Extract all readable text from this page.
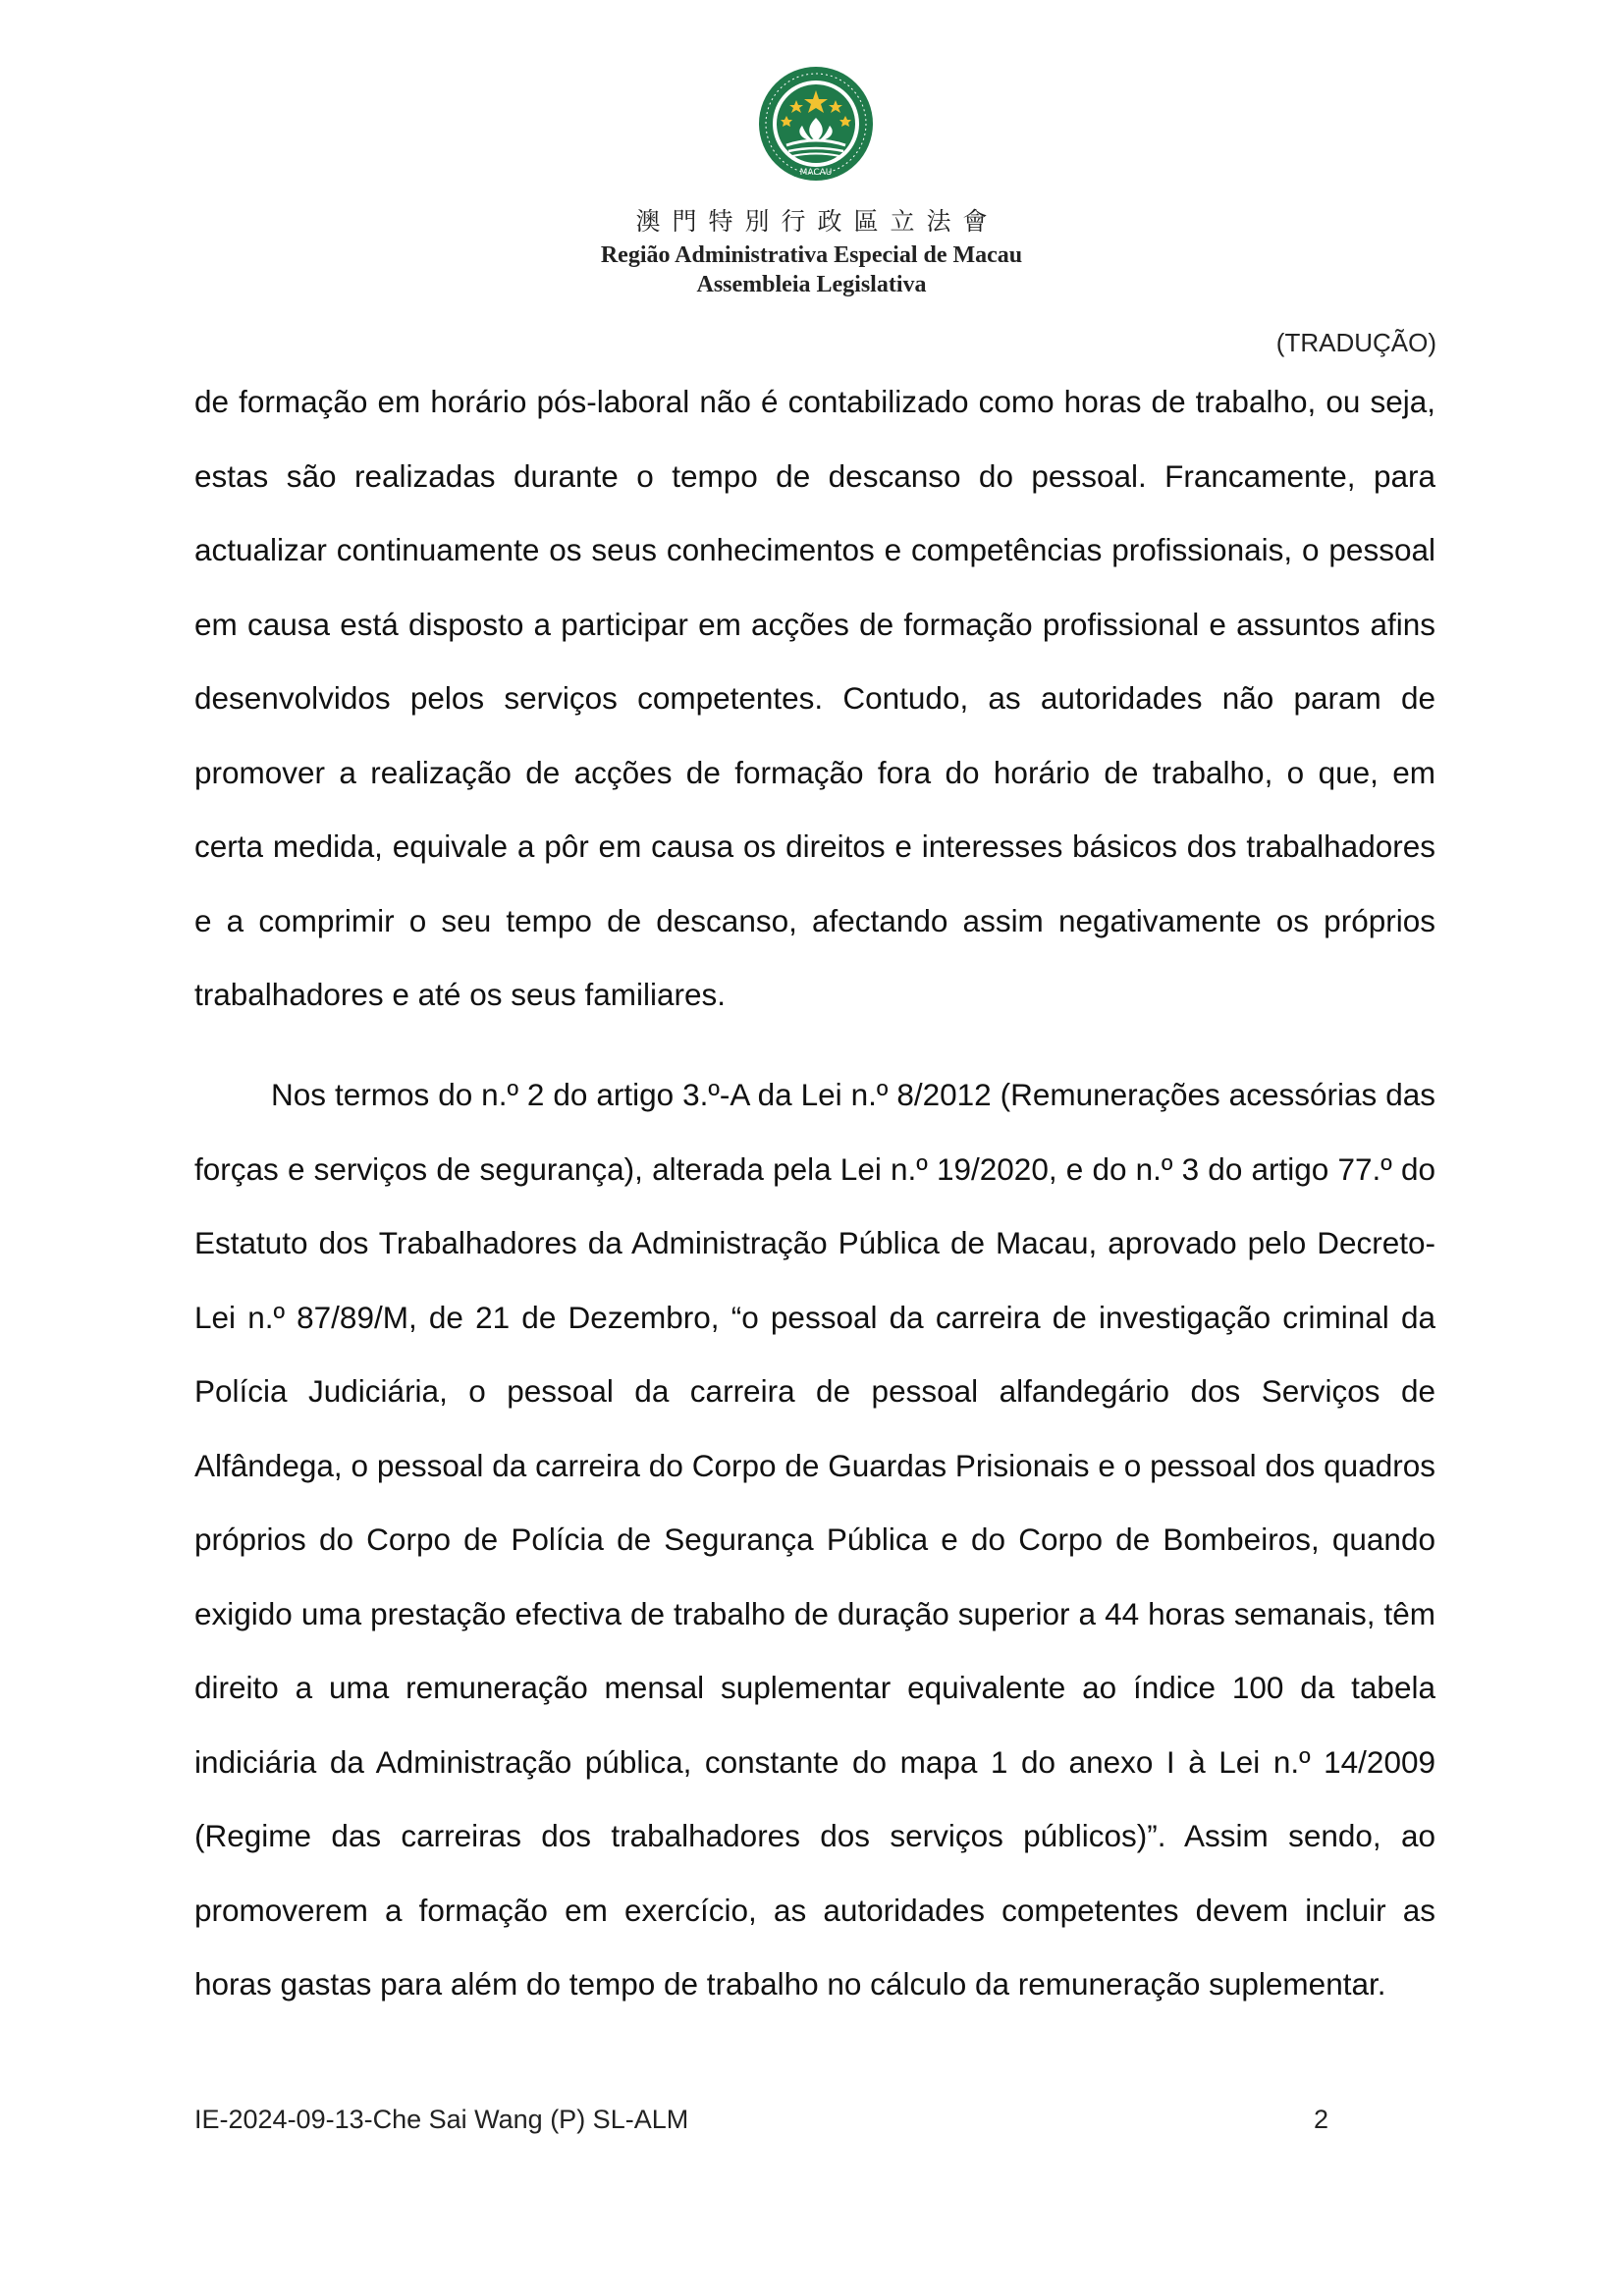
MACAU
澳門特別行政區立法會
Região Administrativa Especial de Macau
Assembleia Legislativa
(TRADUÇÃO)

de formação em horário pós-laboral não é contabilizado como horas de trabalho, ou seja, estas são realizadas durante o tempo de descanso do pessoal. Francamente, para actualizar continuamente os seus conhecimentos e competências profissionais, o pessoal em causa está disposto a participar em acções de formação profissional e assuntos afins desenvolvidos pelos serviços competentes. Contudo, as autoridades não param de promover a realização de acções de formação fora do horário de trabalho, o que, em certa medida, equivale a pôr em causa os direitos e interesses básicos dos trabalhadores e a comprimir o seu tempo de descanso, afectando assim negativamente os próprios trabalhadores e até os seus familiares.

Nos termos do n.º 2 do artigo 3.º-A da Lei n.º 8/2012 (Remunerações acessórias das forças e serviços de segurança), alterada pela Lei n.º 19/2020, e do n.º 3 do artigo 77.º do Estatuto dos Trabalhadores da Administração Pública de Macau, aprovado pelo Decreto-Lei n.º 87/89/M, de 21 de Dezembro, “o pessoal da carreira de investigação criminal da Polícia Judiciária, o pessoal da carreira de pessoal alfandegário dos Serviços de Alfândega, o pessoal da carreira do Corpo de Guardas Prisionais e o pessoal dos quadros próprios do Corpo de Polícia de Segurança Pública e do Corpo de Bombeiros, quando exigido uma prestação efectiva de trabalho de duração superior a 44 horas semanais, têm direito a uma remuneração mensal suplementar equivalente ao índice 100 da tabela indiciária da Administração pública, constante do mapa 1 do anexo I à Lei n.º 14/2009 (Regime das carreiras dos trabalhadores dos serviços públicos)”. Assim sendo, ao promoverem a formação em exercício, as autoridades competentes devem incluir as horas gastas para além do tempo de trabalho no cálculo da remuneração suplementar.

IE-2024-09-13-Che Sai Wang (P) SL-ALM	2
